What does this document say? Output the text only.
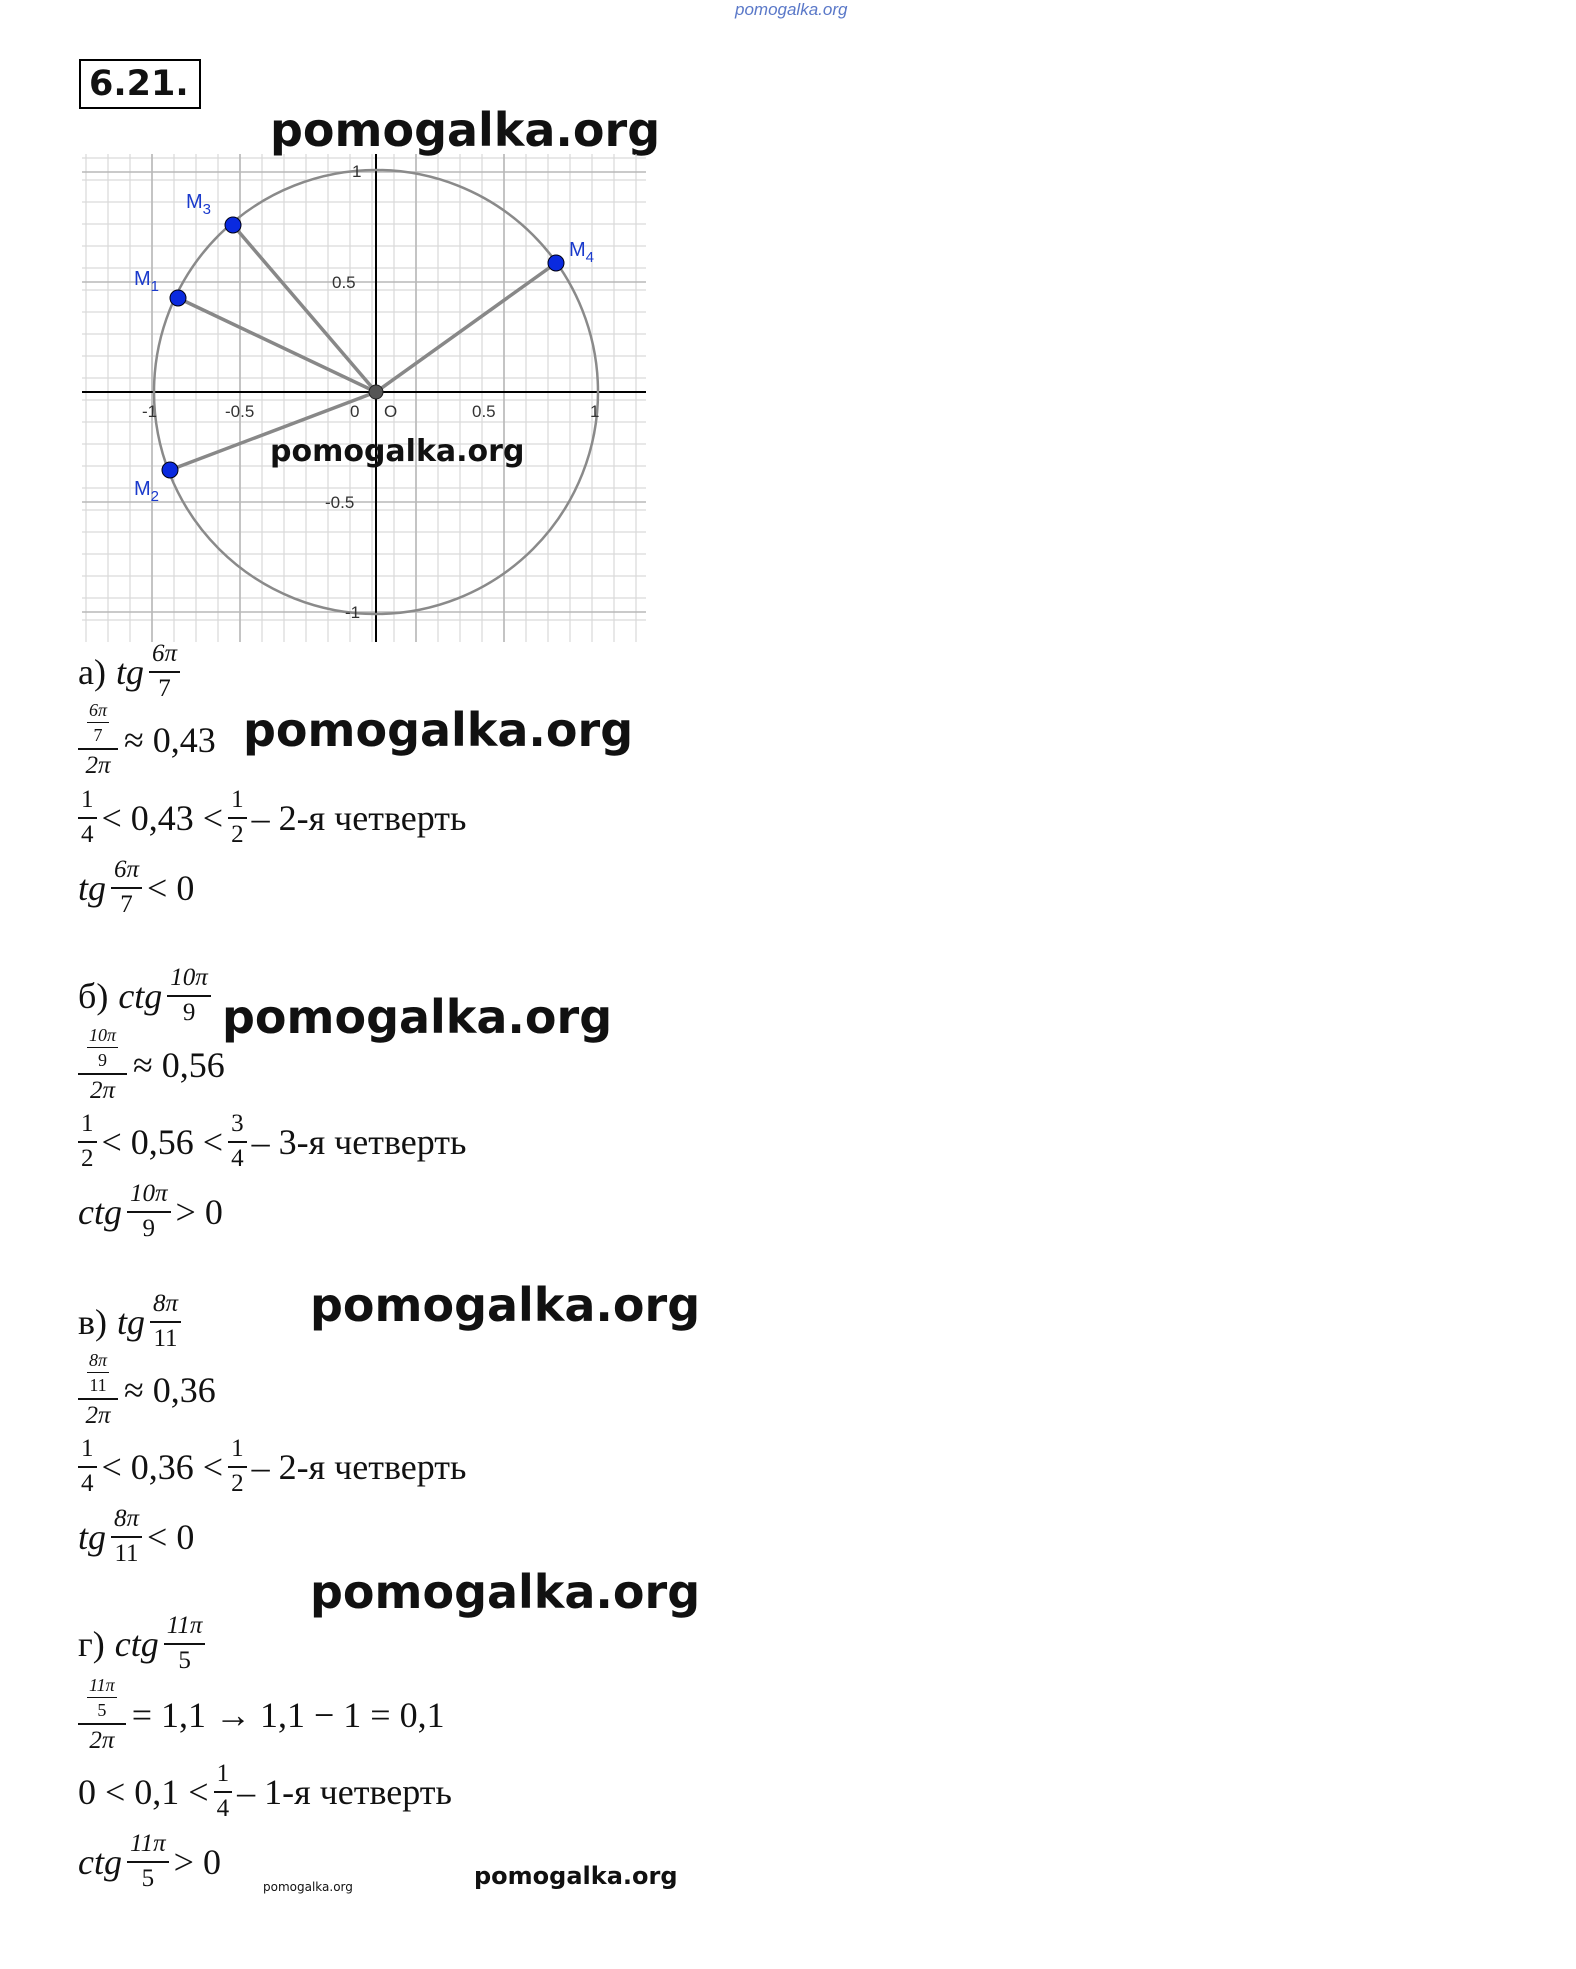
pomogalka.org
6.21.
pomogalka.org
1
0.5
-0.5
-1
-1	-0.5	0 O	0.5	1
$M_1$
$M_2$
$M_3$
$M_4$
pomogalka.org
а) tg $\frac{6\pi}{7}$
$\frac{\frac{6\pi}{7}}{2\pi} \approx 0,43$ pomogalka.org
$\frac{1}{4} < 0,43 < \frac{1}{2} - 2-я$ четверть
tg $\frac{6\pi}{7} < 0$
б) ctg $\frac{10\pi}{9}$ pomogalka.org
$\frac{\frac{10\pi}{9}}{2\pi} \approx 0,56$
$\frac{1}{2} < 0,56 < \frac{3}{4} - 3-я$ четверть
ctg $\frac{10\pi}{9} > 0$
в) tg $\frac{8\pi}{11}$	pomogalka.org
$\frac{\frac{8\pi}{11}}{2\pi} \approx 0,36$
$\frac{1}{4} < 0,36 < \frac{1}{2} - 2-я$ четверть
tg $\frac{8\pi}{11} < 0$
pomogalka.org
г) ctg $\frac{11\pi}{5}$
$\frac{\frac{11\pi}{5}}{2\pi} = 1,1 \to 1,1 - 1 = 0,1$
$0 < 0,1 < \frac{1}{4} - 1-я$ четверть
ctg $\frac{11\pi}{5} > 0$
pomogalka.org	pomogalka.org
